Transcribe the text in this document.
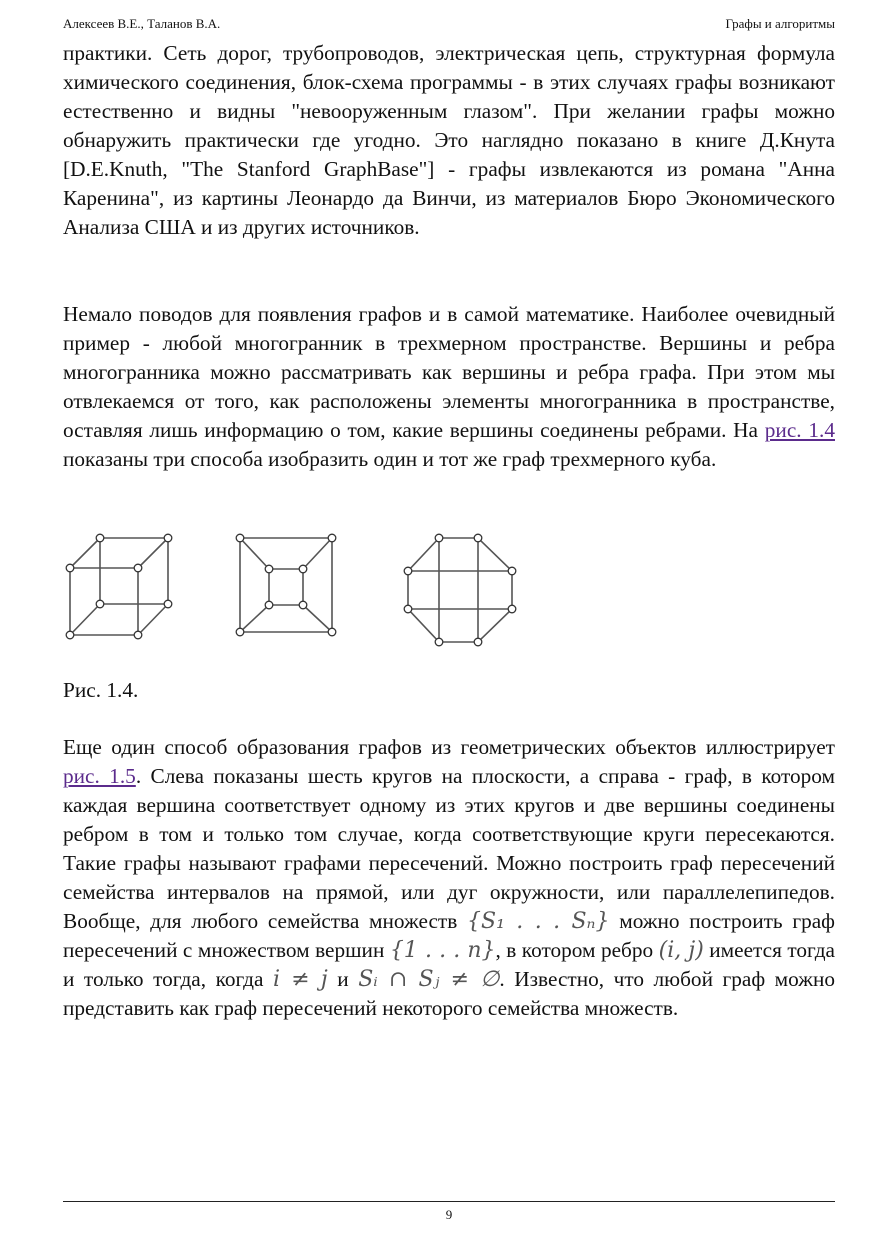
Алексеев В.Е., Таланов В.А.	Графы и алгоритмы

практики. Сеть дорог, трубопроводов, электрическая цепь, структурная формула химического соединения, блок-схема программы - в этих случаях графы возникают естественно и видны "невооруженным глазом". При желании графы можно обнаружить практически где угодно. Это наглядно показано в книге Д.Кнута [D.E.Knuth, "The Stanford GraphBase"] - графы извлекаются из романа "Анна Каренина", из картины Леонардо да Винчи, из материалов Бюро Экономического Анализа США и из других источников.

Немало поводов для появления графов и в самой математике. Наиболее очевидный пример - любой многогранник в трехмерном пространстве. Вершины и ребра многогранника можно рассматривать как вершины и ребра графа. При этом мы отвлекаемся от того, как расположены элементы многогранника в пространстве, оставляя лишь информацию о том, какие вершины соединены ребрами. На рис. 1.4 показаны три способа изобразить один и тот же граф трехмерного куба.

Рис. 1.4.

Еще один способ образования графов из геометрических объектов иллюстрирует рис. 1.5. Слева показаны шесть кругов на плоскости, а справа - граф, в котором каждая вершина соответствует одному из этих кругов и две вершины соединены ребром в том и только том случае, когда соответствующие круги пересекаются. Такие графы называют графами пересечений. Можно построить граф пересечений семейства интервалов на прямой, или дуг окружности, или параллелепипедов. Вообще, для любого семейства множеств {S₁ . . . Sₙ} можно построить граф пересечений с множеством вершин {1 . . . n}, в котором ребро (i, j) имеется тогда и только тогда, когда i ≠ j и Sᵢ ∩ Sⱼ ≠ ∅. Известно, что любой граф можно представить как граф пересечений некоторого семейства множеств.

9
